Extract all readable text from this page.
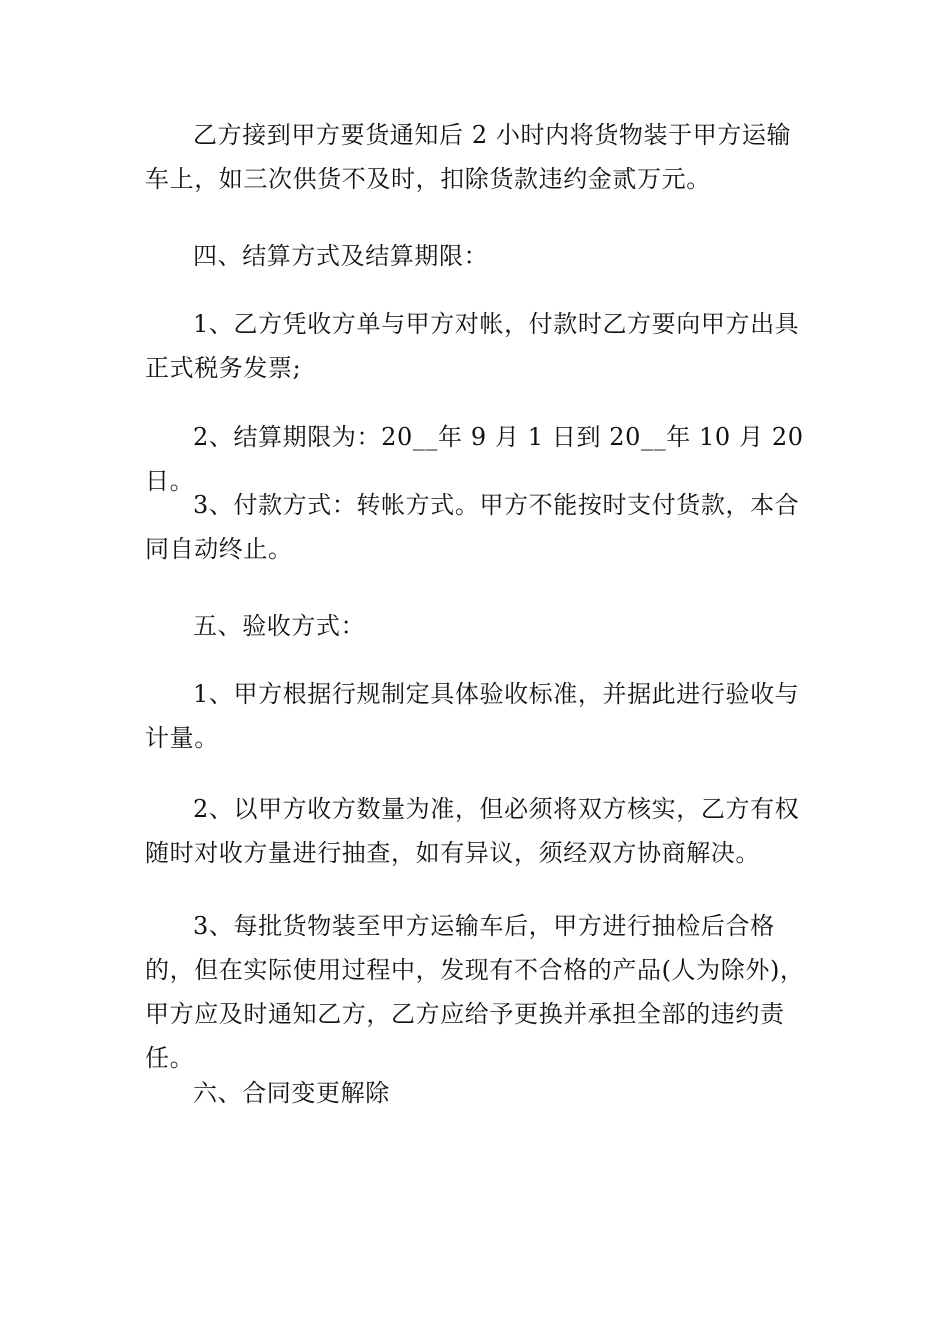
乙方接到甲方要货通知后 2 小时内将货物装于甲方运输车上，如三次供货不及时，扣除货款违约金贰万元。

四、结算方式及结算期限：

1、乙方凭收方单与甲方对帐，付款时乙方要向甲方出具正式税务发票;

2、结算期限为：20__年 9 月 1 日到 20__年 10 月 20 日。

3、付款方式：转帐方式。甲方不能按时支付货款，本合同自动终止。

五、验收方式：

1、甲方根据行规制定具体验收标准，并据此进行验收与计量。

2、以甲方收方数量为准，但必须将双方核实，乙方有权随时对收方量进行抽查，如有异议，须经双方协商解决。

3、每批货物装至甲方运输车后，甲方进行抽检后合格的，但在实际使用过程中，发现有不合格的产品(人为除外)，甲方应及时通知乙方，乙方应给予更换并承担全部的违约责任。

六、合同变更解除
